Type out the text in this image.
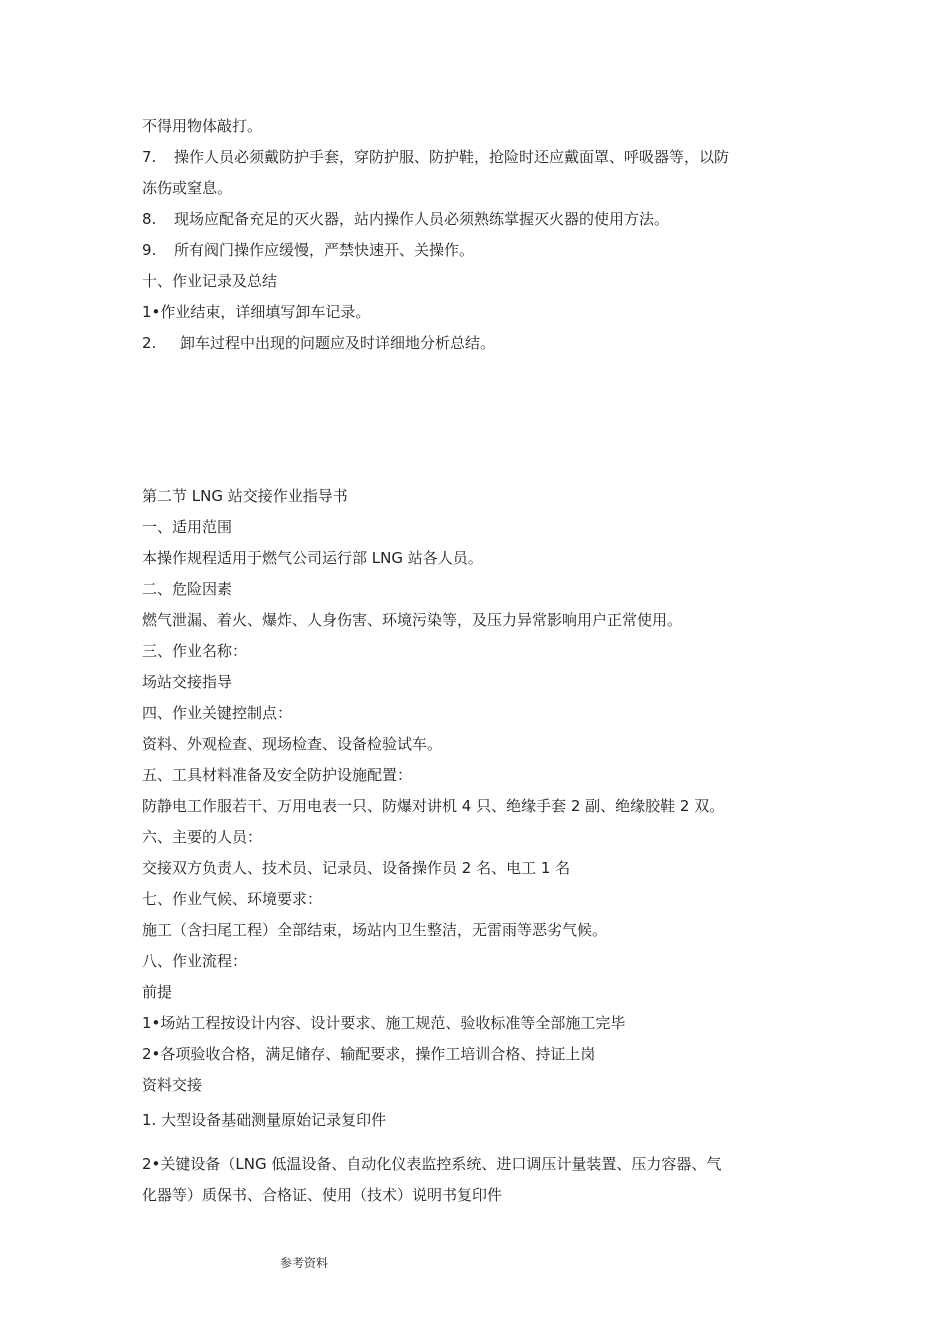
不得用物体敲打。
7. 操作人员必须戴防护手套，穿防护服、防护鞋，抢险时还应戴面罩、呼吸器等，以防
冻伤或窒息。
8. 现场应配备充足的灭火器，站内操作人员必须熟练掌握灭火器的使用方法。
9. 所有阀门操作应缓慢，严禁快速开、关操作。
十、作业记录及总结
1•作业结束，详细填写卸车记录。
2. 卸车过程中出现的问题应及时详细地分析总结。
第二节 LNG 站交接作业指导书
一、适用范围
本操作规程适用于燃气公司运行部 LNG 站各人员。
二、危险因素
燃气泄漏、着火、爆炸、人身伤害、环境污染等，及压力异常影响用户正常使用。
三、作业名称：
场站交接指导
四、作业关键控制点：
资料、外观检查、现场检查、设备检验试车。
五、工具材料准备及安全防护设施配置：
防静电工作服若干、万用电表一只、防爆对讲机 4 只、绝缘手套 2 副、绝缘胶鞋 2 双。
六、主要的人员：
交接双方负责人、技术员、记录员、设备操作员 2 名、电工 1 名
七、作业气候、环境要求：
施工（含扫尾工程）全部结束，场站内卫生整洁，无雷雨等恶劣气候。
八、作业流程：
前提
1•场站工程按设计内容、设计要求、施工规范、验收标准等全部施工完毕
2•各项验收合格，满足储存、输配要求，操作工培训合格、持证上岗
资料交接
1. 大型设备基础测量原始记录复印件
2•关键设备（LNG 低温设备、自动化仪表监控系统、进口调压计量装置、压力容器、气
化器等）质保书、合格证、使用（技术）说明书复印件
参考资料
